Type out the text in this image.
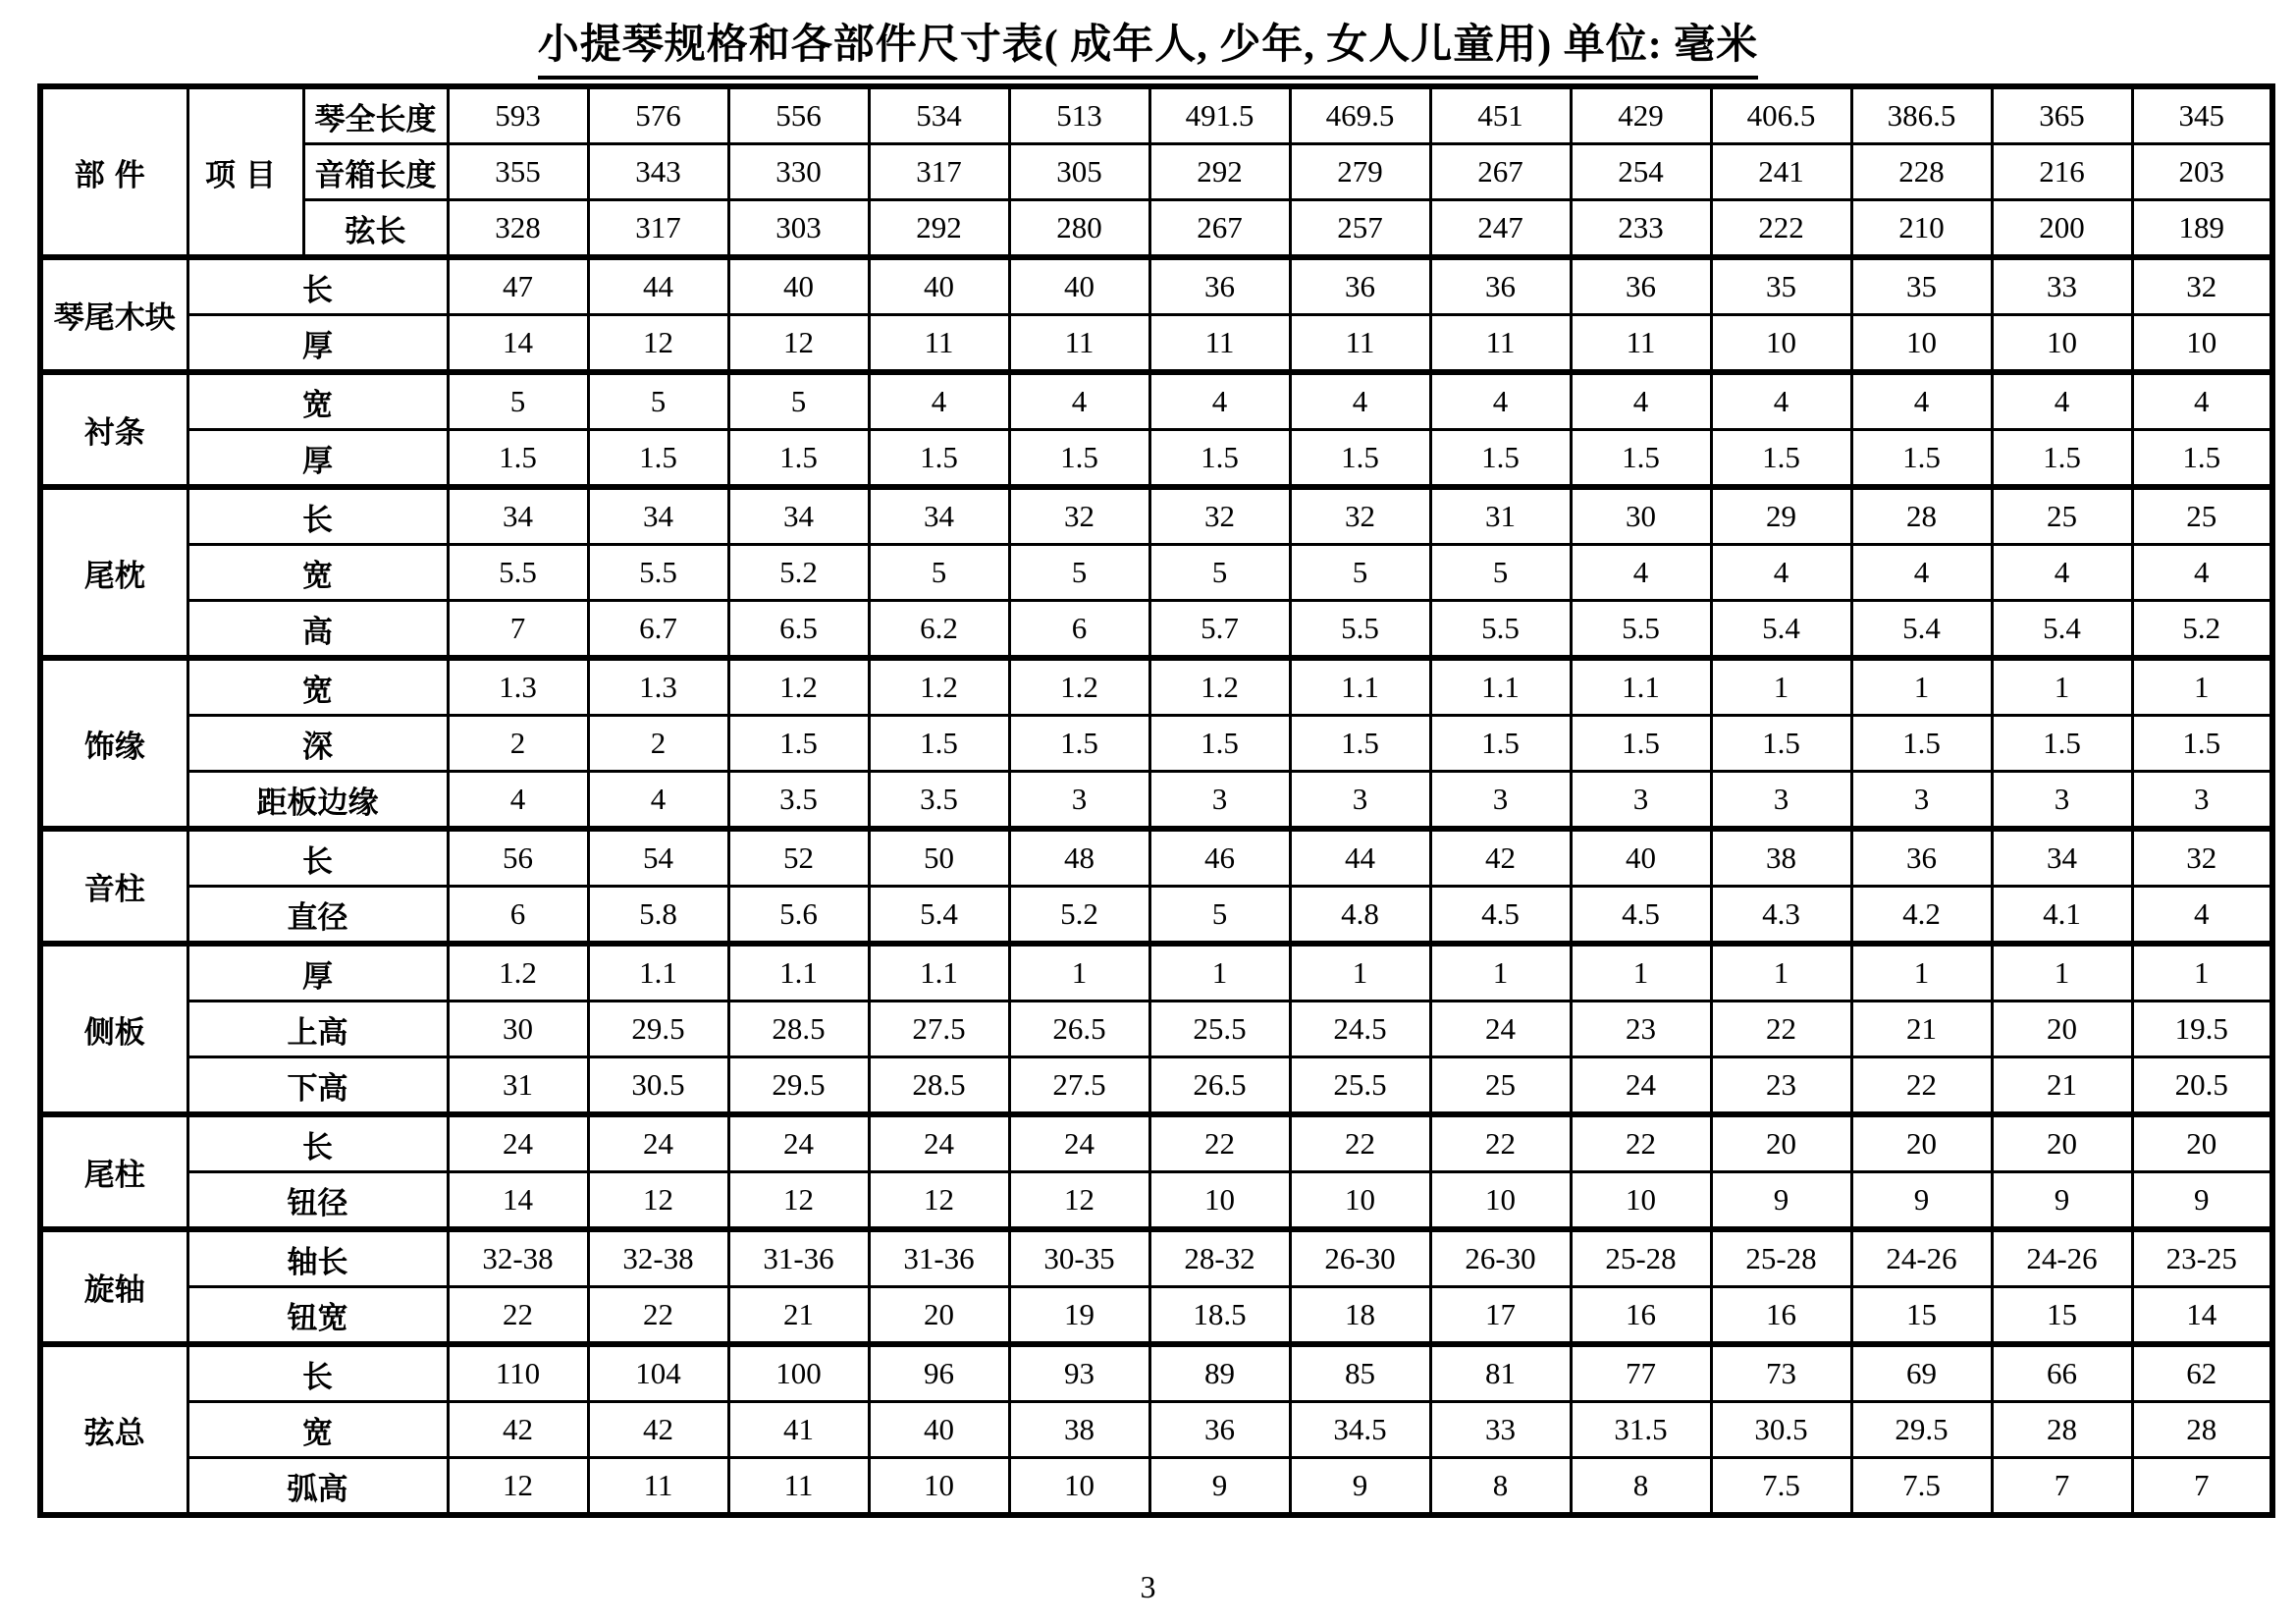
小提琴规格和各部件尺寸表( 成年人, 少年, 女人儿童用) 单位: 毫米
部件	项目	琴全长度	593	576	556	534	513	491.5	469.5	451	429	406.5	386.5	365	345
		音箱长度	355	343	330	317	305	292	279	267	254	241	228	216	203
		弦长	328	317	303	292	280	267	257	247	233	222	210	200	189
琴尾木块	长		47	44	40	40	40	36	36	36	36	35	35	33	32
	厚		14	12	12	11	11	11	11	11	11	10	10	10	10
衬条	宽		5	5	5	4	4	4	4	4	4	4	4	4	4
	厚		1.5	1.5	1.5	1.5	1.5	1.5	1.5	1.5	1.5	1.5	1.5	1.5	1.5
尾枕	长		34	34	34	34	32	32	32	31	30	29	28	25	25
	宽		5.5	5.5	5.2	5	5	5	5	5	4	4	4	4	4
	高		7	6.7	6.5	6.2	6	5.7	5.5	5.5	5.5	5.4	5.4	5.4	5.2
饰缘	宽		1.3	1.3	1.2	1.2	1.2	1.2	1.1	1.1	1.1	1	1	1	1
	深		2	2	1.5	1.5	1.5	1.5	1.5	1.5	1.5	1.5	1.5	1.5	1.5
	距板边缘		4	4	3.5	3.5	3	3	3	3	3	3	3	3	3
音柱	长		56	54	52	50	48	46	44	42	40	38	36	34	32
	直径		6	5.8	5.6	5.4	5.2	5	4.8	4.5	4.5	4.3	4.2	4.1	4
侧板	厚		1.2	1.1	1.1	1.1	1	1	1	1	1	1	1	1	1
	上高		30	29.5	28.5	27.5	26.5	25.5	24.5	24	23	22	21	20	19.5
	下高		31	30.5	29.5	28.5	27.5	26.5	25.5	25	24	23	22	21	20.5
尾柱	长		24	24	24	24	24	22	22	22	22	20	20	20	20
	钮径		14	12	12	12	12	10	10	10	10	9	9	9	9
旋轴	轴长		32-38	32-38	31-36	31-36	30-35	28-32	26-30	26-30	25-28	25-28	24-26	24-26	23-25
	钮宽		22	22	21	20	19	18.5	18	17	16	16	15	15	14
弦总	长		110	104	100	96	93	89	85	81	77	73	69	66	62
	宽		42	42	41	40	38	36	34.5	33	31.5	30.5	29.5	28	28
	弧高		12	11	11	10	10	9	9	8	8	7.5	7.5	7	7
3
